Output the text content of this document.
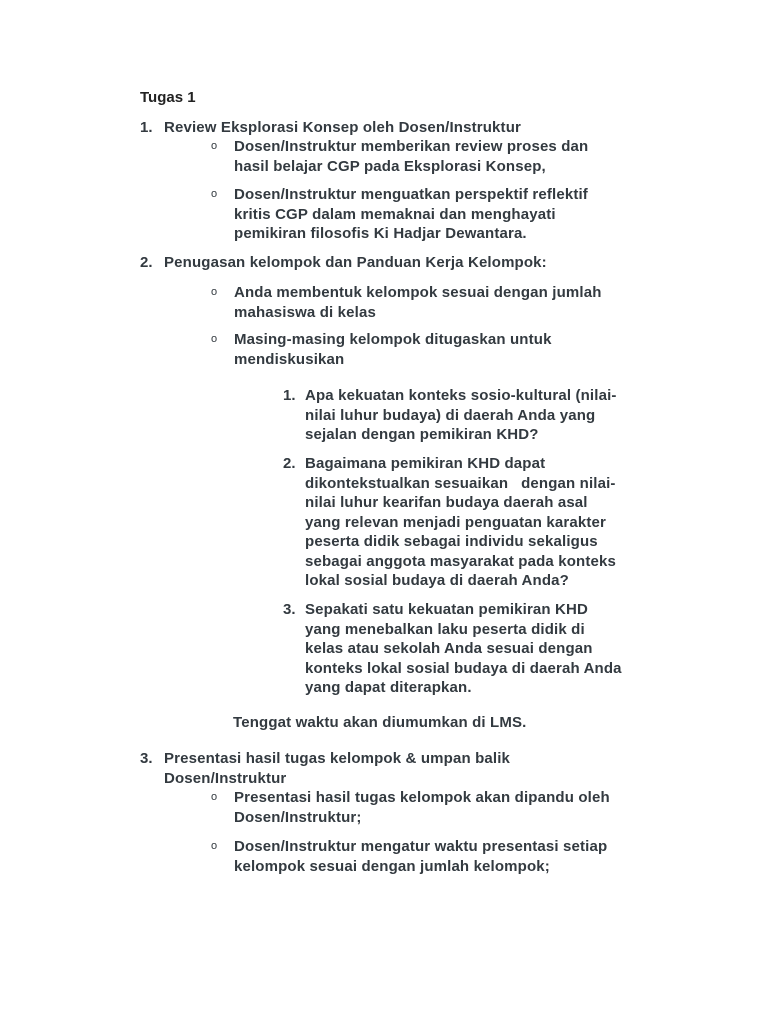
Tugas 1
1. Review Eksplorasi Konsep oleh Dosen/Instruktur
o Dosen/Instruktur memberikan review proses dan
hasil belajar CGP pada Eksplorasi Konsep,
o Dosen/Instruktur menguatkan perspektif reflektif
kritis CGP dalam memaknai dan menghayati
pemikiran filosofis Ki Hadjar Dewantara.
2. Penugasan kelompok dan Panduan Kerja Kelompok:
o Anda membentuk kelompok sesuai dengan jumlah
mahasiswa di kelas
o Masing-masing kelompok ditugaskan untuk
mendiskusikan
1. Apa kekuatan konteks sosio-kultural (nilai-
nilai luhur budaya) di daerah Anda yang
sejalan dengan pemikiran KHD?
2. Bagaimana pemikiran KHD dapat
dikontekstualkan sesuaikan   dengan nilai-
nilai luhur kearifan budaya daerah asal
yang relevan menjadi penguatan karakter
peserta didik sebagai individu sekaligus
sebagai anggota masyarakat pada konteks
lokal sosial budaya di daerah Anda?
3. Sepakati satu kekuatan pemikiran KHD
yang menebalkan laku peserta didik di
kelas atau sekolah Anda sesuai dengan
konteks lokal sosial budaya di daerah Anda
yang dapat diterapkan.
Tenggat waktu akan diumumkan di LMS.
3. Presentasi hasil tugas kelompok & umpan balik
Dosen/Instruktur
o Presentasi hasil tugas kelompok akan dipandu oleh
Dosen/Instruktur;
o Dosen/Instruktur mengatur waktu presentasi setiap
kelompok sesuai dengan jumlah kelompok;
